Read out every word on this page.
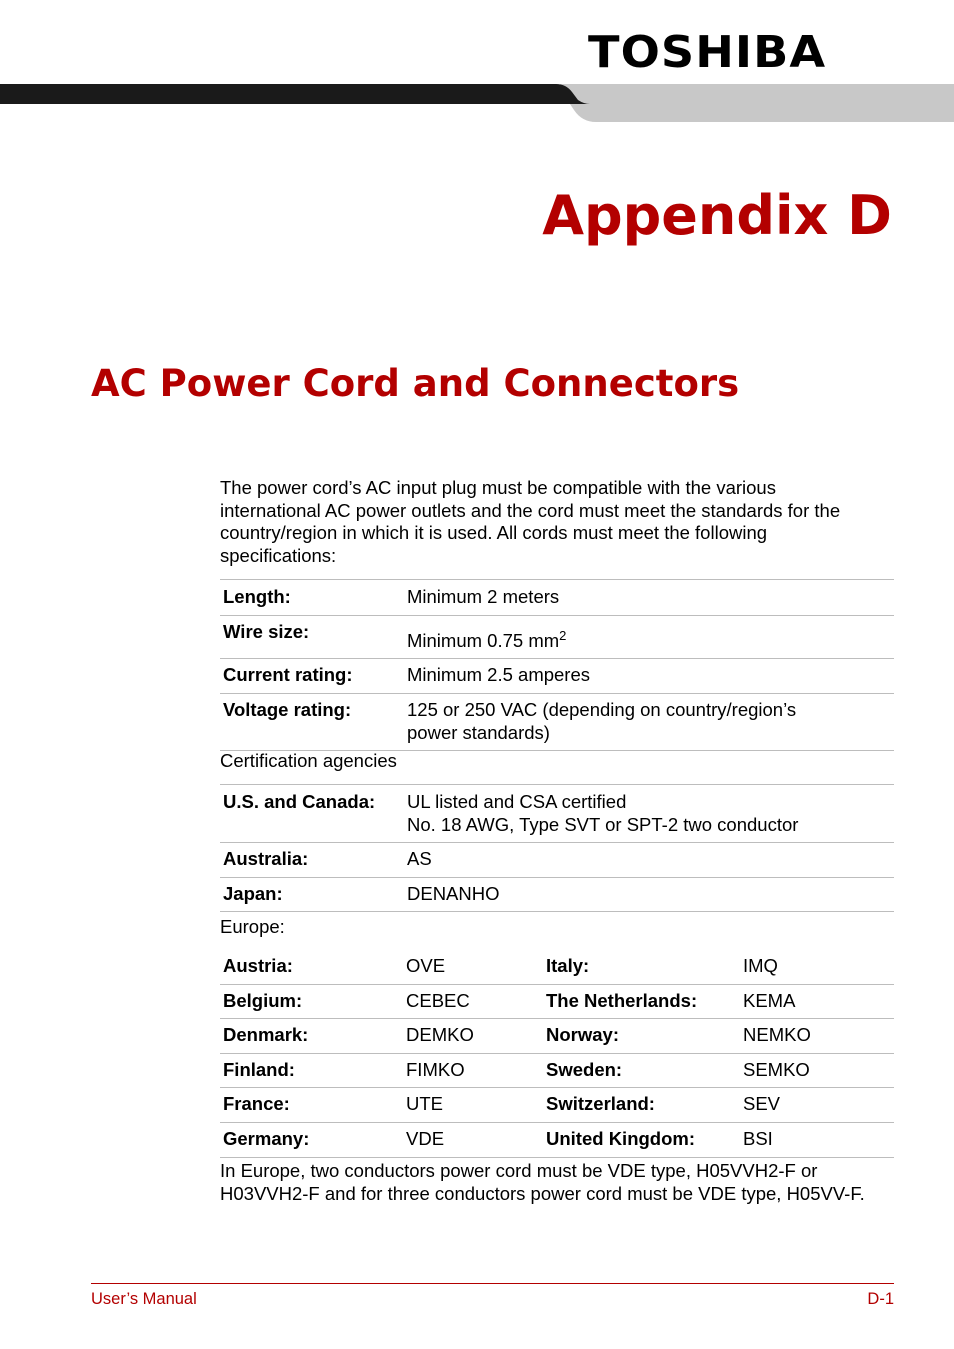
TOSHIBA
Appendix D
AC Power Cord and Connectors
The power cord’s AC input plug must be compatible with the various international AC power outlets and the cord must meet the standards for the country/region in which it is used. All cords must meet the following specifications:
Length:	Minimum 2 meters
Wire size:	Minimum 0.75 $mm^2$
Current rating:	Minimum 2.5 amperes
Voltage rating:	125 or 250 VAC (depending on country/region’s
power standards)
Certification agencies
U.S. and Canada:	UL listed and CSA certified
No. 18 AWG, Type SVT or SPT-2 two conductor

Australia:	AS
Japan:	DENANHO
Europe:
Austria:	OVE	Italy:	IMQ
Belgium:	CEBEC	The Netherlands:	KEMA
Denmark:	DEMKO	Norway:	NEMKO
Finland:	FIMKO	Sweden:	SEMKO
France:	UTE	Switzerland:	SEV
Germany:	VDE	United Kingdom:	BSI
In Europe, two conductors power cord must be VDE type, H05VVH2-F or H03VVH2-F and for three conductors power cord must be VDE type, H05VV-F.
User’s Manual	D-1
